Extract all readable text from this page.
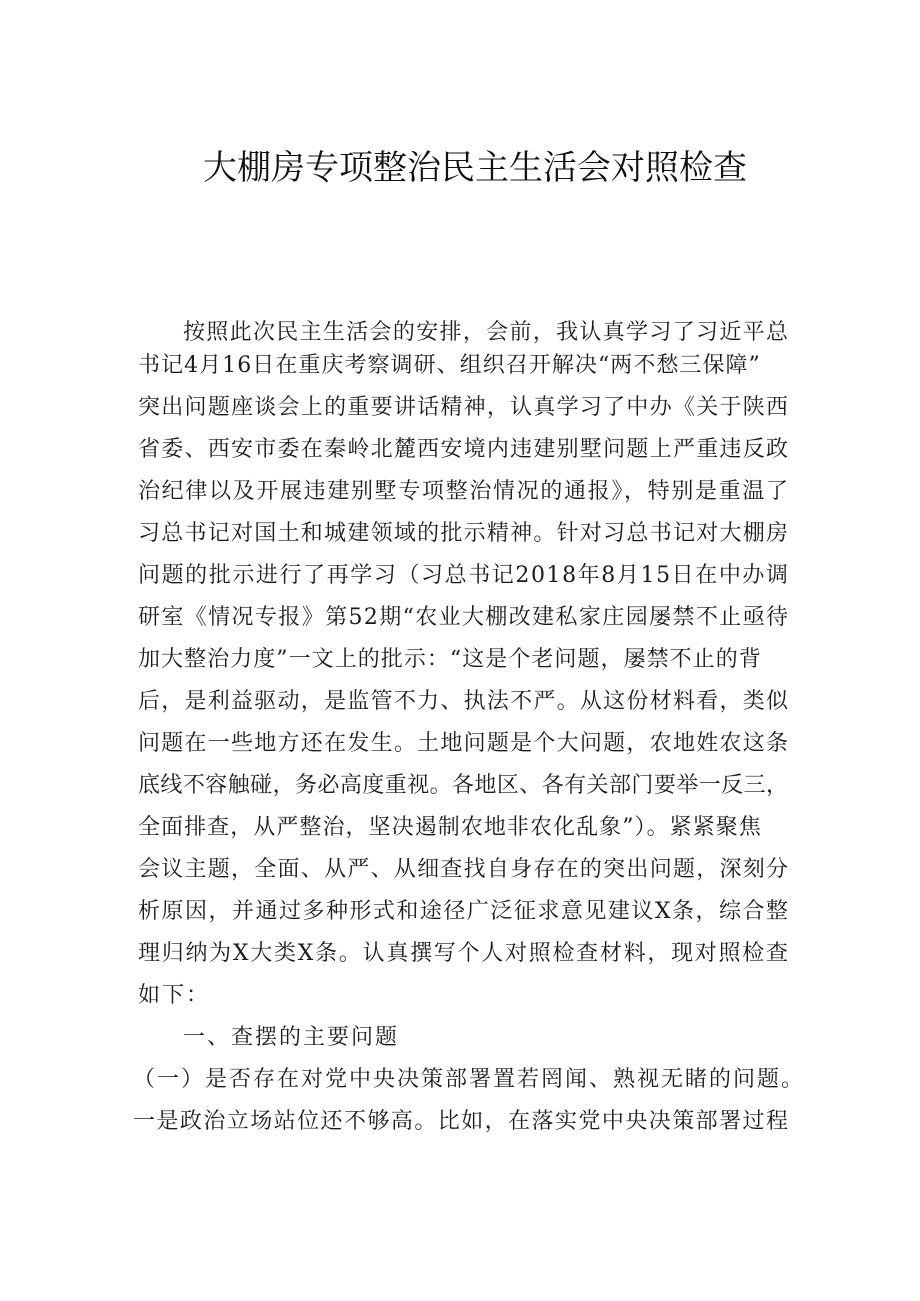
大棚房专项整治民主生活会对照检查

按照此次民主生活会的安排，会前，我认真学习了习近平总

书记4月16日在重庆考察调研、组织召开解决“两不愁三保障”

突出问题座谈会上的重要讲话精神，认真学习了中办《关于陕西

省委、西安市委在秦岭北麓西安境内违建别墅问题上严重违反政

治纪律以及开展违建别墅专项整治情况的通报》，特别是重温了

习总书记对国土和城建领域的批示精神。针对习总书记对大棚房

问题的批示进行了再学习（习总书记2018年8月15日在中办调

研室《情况专报》第52期“农业大棚改建私家庄园屡禁不止亟待

加大整治力度”一文上的批示：“这是个老问题，屡禁不止的背

后，是利益驱动，是监管不力、执法不严。从这份材料看，类似

问题在一些地方还在发生。土地问题是个大问题，农地姓农这条

底线不容触碰，务必高度重视。各地区、各有关部门要举一反三，

全面排查，从严整治，坚决遏制农地非农化乱象”）。紧紧聚焦

会议主题，全面、从严、从细查找自身存在的突出问题，深刻分

析原因，并通过多种形式和途径广泛征求意见建议X条，综合整

理归纳为X大类X条。认真撰写个人对照检查材料，现对照检查

如下：

一、查摆的主要问题

（一）是否存在对党中央决策部署置若罔闻、熟视无睹的问题。

一是政治立场站位还不够高。比如，在落实党中央决策部署过程
